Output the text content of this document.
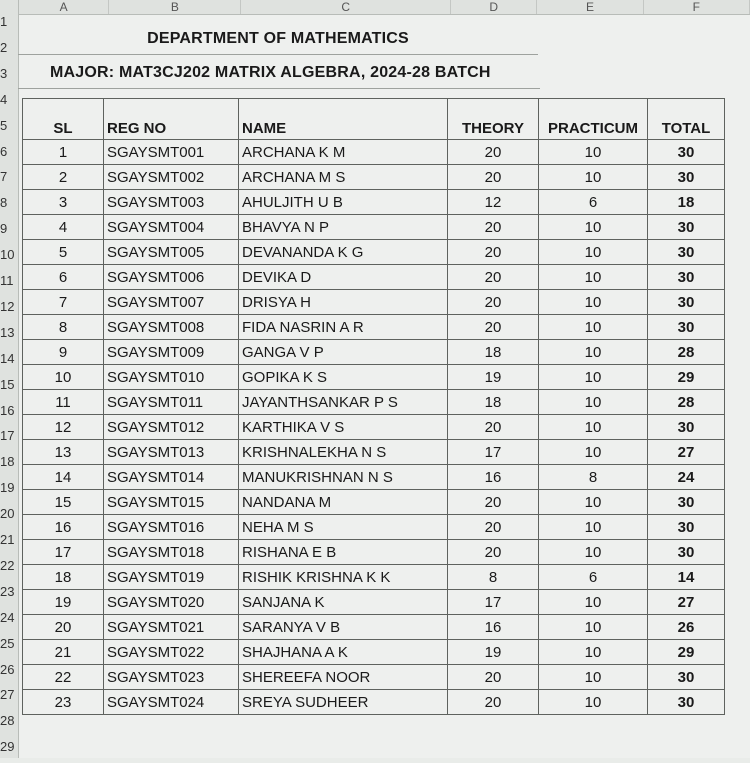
A	B	C	D	E	F
1
2
3
4
5
6
7
8
9
10
11
12
13
14
15
16
17
18
19
20
21
22
23
24
25
26
27
28
29
DEPARTMENT OF MATHEMATICS
MAJOR: MAT3CJ202 MATRIX ALGEBRA, 2024-28 BATCH
SL	REG NO	NAME	THEORY	PRACTICUM	TOTAL
1	SGAYSMT001	ARCHANA K M	20	10	30
2	SGAYSMT002	ARCHANA M S	20	10	30
3	SGAYSMT003	AHULJITH U B	12	6	18
4	SGAYSMT004	BHAVYA N P	20	10	30
5	SGAYSMT005	DEVANANDA K G	20	10	30
6	SGAYSMT006	DEVIKA D	20	10	30
7	SGAYSMT007	DRISYA H	20	10	30
8	SGAYSMT008	FIDA NASRIN A R	20	10	30
9	SGAYSMT009	GANGA V P	18	10	28
10	SGAYSMT010	GOPIKA K S	19	10	29
11	SGAYSMT011	JAYANTHSANKAR P S	18	10	28
12	SGAYSMT012	KARTHIKA V S	20	10	30
13	SGAYSMT013	KRISHNALEKHA N S	17	10	27
14	SGAYSMT014	MANUKRISHNAN N S	16	8	24
15	SGAYSMT015	NANDANA M	20	10	30
16	SGAYSMT016	NEHA M S	20	10	30
17	SGAYSMT018	RISHANA E B	20	10	30
18	SGAYSMT019	RISHIK KRISHNA K K	8	6	14
19	SGAYSMT020	SANJANA K	17	10	27
20	SGAYSMT021	SARANYA V B	16	10	26
21	SGAYSMT022	SHAJHANA A K	19	10	29
22	SGAYSMT023	SHEREEFA NOOR	20	10	30
23	SGAYSMT024	SREYA SUDHEER	20	10	30
